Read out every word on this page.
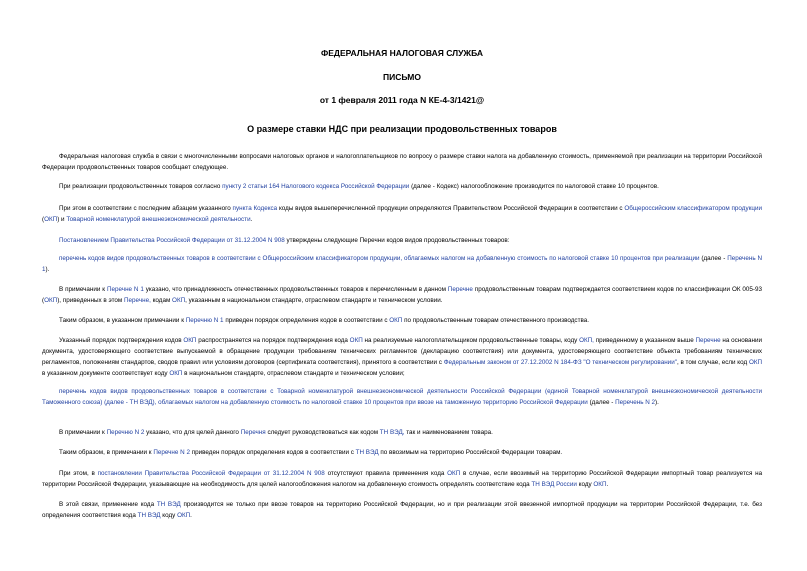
ФЕДЕРАЛЬНАЯ НАЛОГОВАЯ СЛУЖБА
ПИСЬМО
от 1 февраля 2011 года N КЕ-4-3/1421@
О размере ставки НДС при реализации продовольственных товаров

Федеральная налоговая служба в связи с многочисленными вопросами налоговых органов и налогоплательщиков по вопросу о размере ставки налога на добавленную стоимость, применяемой при реализации на территории Российской Федерации продовольственных товаров сообщает следующее.

При реализации продовольственных товаров согласно пункту 2 статьи 164 Налогового кодекса Российской Федерации (далее - Кодекс) налогообложение производится по налоговой ставке 10 процентов.

При этом в соответствии с последним абзацем указанного пункта Кодекса коды видов вышеперечисленной продукции определяются Правительством Российской Федерации в соответствии с Общероссийским классификатором продукции (ОКП) и Товарной номенклатурой внешнеэкономической деятельности.

Постановлением Правительства Российской Федерации от 31.12.2004 N 908 утверждены следующие Перечни кодов видов продовольственных товаров:

перечень кодов видов продовольственных товаров в соответствии с Общероссийским классификатором продукции, облагаемых налогом на добавленную стоимость по налоговой ставке 10 процентов при реализации (далее - Перечень N 1).

В примечании к Перечне N 1 указано, что принадлежность отечественных продовольственных товаров к перечисленным в данном Перечне продовольственным товарам подтверждается соответствием кодов по классификации ОК 005-93 (ОКП), приведенных в этом Перечне, кодам ОКП, указанным в национальном стандарте, отраслевом стандарте и техническом условии.

Таким образом, в указанном примечании к Перечню N 1 приведен порядок определения кодов в соответствии с ОКП по продовольственным товарам отечественного производства.

Указанный порядок подтверждения кодов ОКП распространяется на порядок подтверждения кода ОКП на реализуемые налогоплательщиком продовольственные товары, коду ОКП, приведенному в указанном выше Перечне на основании документа, удостоверяющего соответствие выпускаемой в обращение продукции требованиям технических регламентов (декларацию соответствия) или документа, удостоверяющего соответствие объекта требованиям технических регламентов, положениям стандартов, сводов правил или условиям договоров (сертификата соответствия), принятого в соответствии с Федеральным законом от 27.12.2002 N 184-ФЗ "О техническом регулировании", в том случае, если код ОКП в указанном документе соответствует коду ОКП в национальном стандарте, отраслевом стандарте и техническом условии;

перечень кодов видов продовольственных товаров в соответствии с Товарной номенклатурой внешнеэкономической деятельности Российской Федерации (единой Товарной номенклатурой внешнеэкономической деятельности Таможенного союза) (далее - ТН ВЭД), облагаемых налогом на добавленную стоимость по налоговой ставке 10 процентов при ввозе на таможенную территорию Российской Федерации (далее - Перечень N 2).

В примечании к Перечню N 2 указано, что для целей данного Перечня следует руководствоваться как кодом ТН ВЭД, так и наименованием товара.

Таким образом, в примечании к Перечне N 2 приведен порядок определения кодов в соответствии с ТН ВЭД по ввозимым на территорию Российской Федерации товарам.

При этом, в постановлении Правительства Российской Федерации от 31.12.2004 N 908 отсутствуют правила применения кода ОКП в случае, если ввозимый на территорию Российской Федерации импортный товар реализуется на территории Российской Федерации, указывающие на необходимость для целей налогообложения налогом на добавленную стоимость определять соответствие кода ТН ВЭД России коду ОКП.

В этой связи, применение кода ТН ВЭД производится не только при ввозе товаров на территорию Российской Федерации, но и при реализации этой ввезенной импортной продукции на территории Российской Федерации, т.е. без определения соответствия кода ТН ВЭД коду ОКП.
